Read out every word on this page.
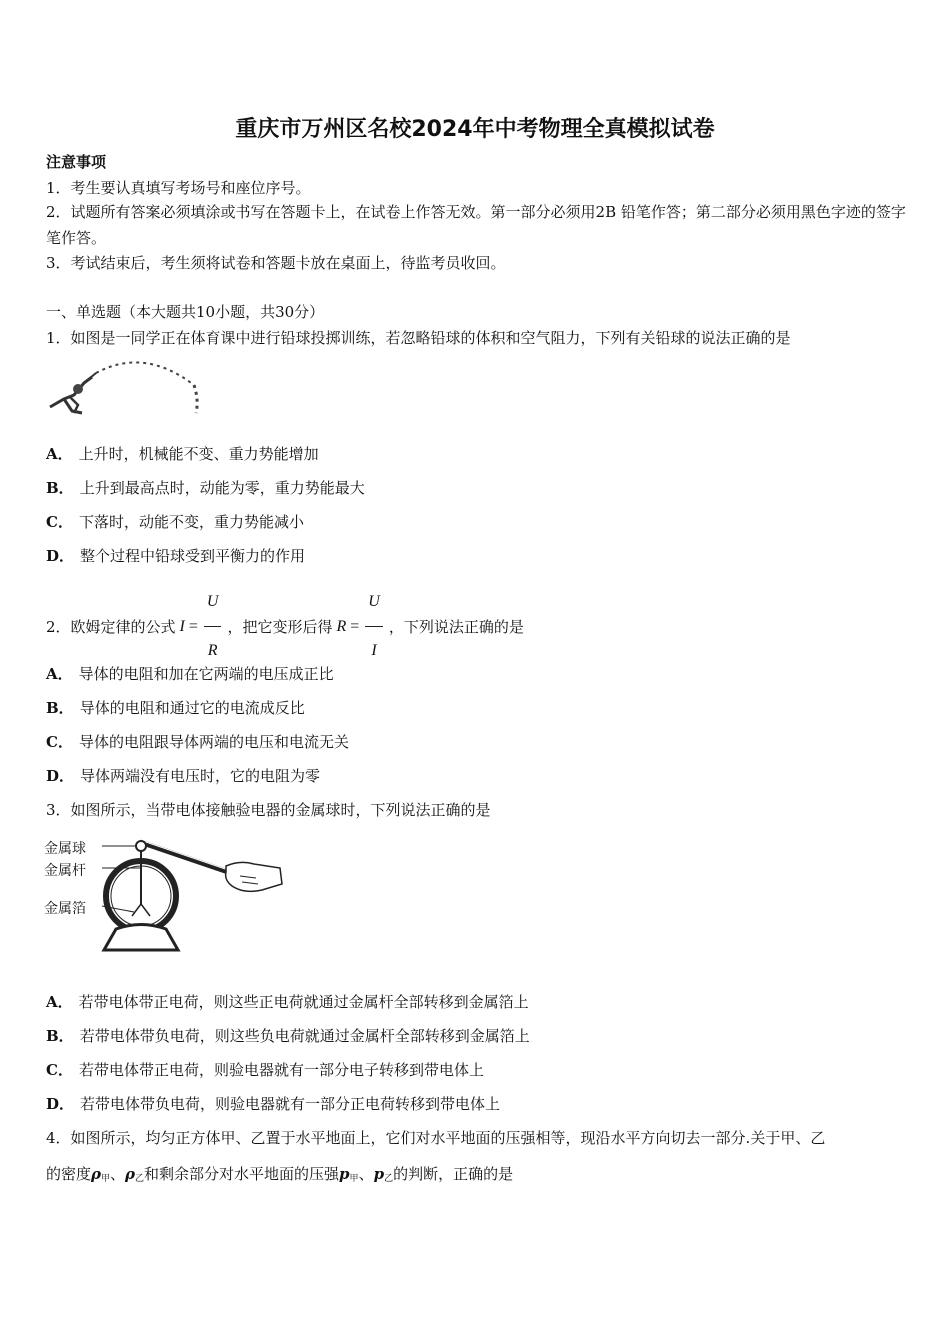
重庆市万州区名校2024年中考物理全真模拟试卷
注意事项
1．考生要认真填写考场号和座位序号。
2．试题所有答案必须填涂或书写在答题卡上，在试卷上作答无效。第一部分必须用2B 铅笔作答；第二部分必须用黑色字迹的签字笔作答。
3．考试结束后，考生须将试卷和答题卡放在桌面上，待监考员收回。
一、单选题（本大题共10小题，共30分）
1．如图是一同学正在体育课中进行铅球投掷训练，若忽略铅球的体积和空气阻力，下列有关铅球的说法正确的是
A． 上升时，机械能不变、重力势能增加
B． 上升到最高点时，动能为零，重力势能最大
C． 下落时，动能不变，重力势能减小
D． 整个过程中铅球受到平衡力的作用
2．欧姆定律的公式 $I = \frac{U}{R}$ ，把它变形后得 $R = \frac{U}{I}$ ，下列说法正确的是
A． 导体的电阻和加在它两端的电压成正比
B． 导体的电阻和通过它的电流成反比
C． 导体的电阻跟导体两端的电压和电流无关
D． 导体两端没有电压时，它的电阻为零
3．如图所示，当带电体接触验电器的金属球时，下列说法正确的是
金属球
金属杆
金属箔
A． 若带电体带正电荷，则这些正电荷就通过金属杆全部转移到金属箔上
B． 若带电体带负电荷，则这些负电荷就通过金属杆全部转移到金属箔上
C． 若带电体带正电荷，则验电器就有一部分电子转移到带电体上
D． 若带电体带负电荷，则验电器就有一部分正电荷转移到带电体上
4．如图所示，均匀正方体甲、乙置于水平地面上，它们对水平地面的压强相等，现沿水平方向切去一部分.关于甲、乙
的密度$\rho_甲$、$\rho_乙$和剩余部分对水平地面的压强$p_甲$、$p_乙$的判断，正确的是
